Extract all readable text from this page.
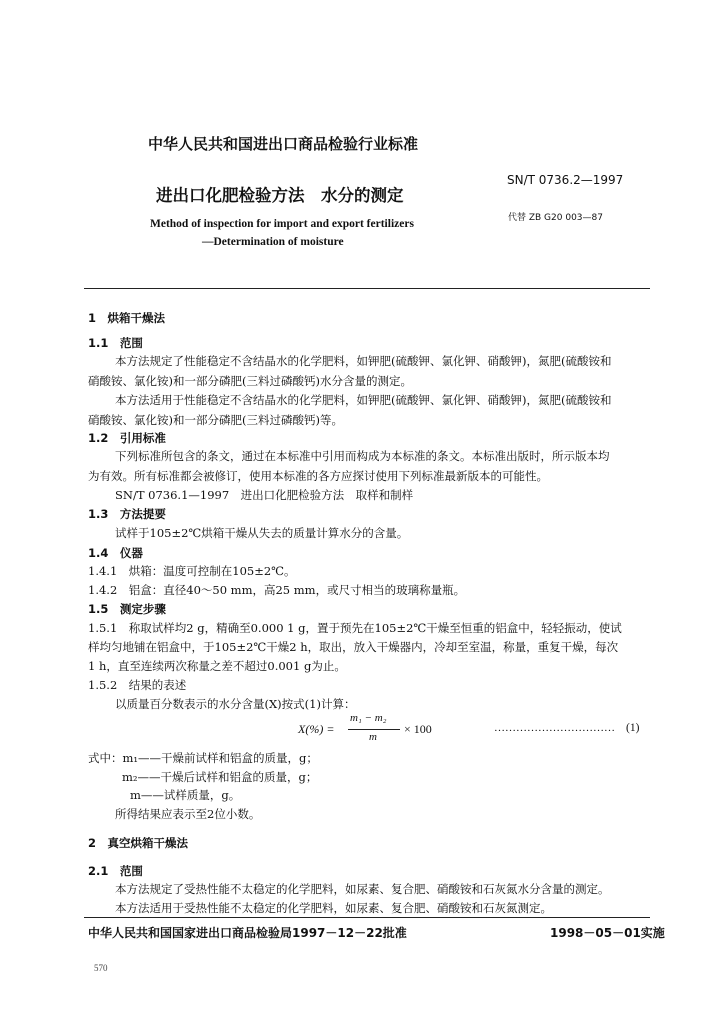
中华人民共和国进出口商品检验行业标准
SN/T 0736.2—1997
进出口化肥检验方法　水分的测定
代替 ZB G20 003—87
Method of inspection for import and export fertilizers
—Determination of moisture
1　烘箱干燥法
1.1　范围
本方法规定了性能稳定不含结晶水的化学肥料，如钾肥(硫酸钾、氯化钾、硝酸钾)，氮肥(硫酸铵和
硝酸铵、氯化铵)和一部分磷肥(三料过磷酸钙)水分含量的测定。
本方法适用于性能稳定不含结晶水的化学肥料，如钾肥(硫酸钾、氯化钾、硝酸钾)，氮肥(硫酸铵和
硝酸铵、氯化铵)和一部分磷肥(三料过磷酸钙)等。
1.2　引用标准
下列标准所包含的条文，通过在本标准中引用而构成为本标准的条文。本标准出版时，所示版本均
为有效。所有标准都会被修订，使用本标准的各方应探讨使用下列标准最新版本的可能性。
SN/T 0736.1—1997　进出口化肥检验方法　取样和制样
1.3　方法提要
试样于105±2℃烘箱干燥从失去的质量计算水分的含量。
1.4　仪器
1.4.1　烘箱：温度可控制在105±2℃。
1.4.2　铝盒：直径40～50 mm，高25 mm，或尺寸相当的玻璃称量瓶。
1.5　测定步骤
1.5.1　称取试样均2 g，精确至0.000 1 g，置于预先在105±2℃干燥至恒重的铝盒中，轻轻振动，使试
样均匀地铺在铝盒中，于105±2℃干燥2 h，取出，放入干燥器内，冷却至室温，称量，重复干燥，每次
1 h，直至连续两次称量之差不超过0.001 g为止。
1.5.2　结果的表述
以质量百分数表示的水分含量(X)按式(1)计算：
X(%) =
m₁ − m₂
m
× 100	…………………………… (1)
式中：m₁——干燥前试样和铝盒的质量，g；
m₂——干燥后试样和铝盒的质量，g；
m——试样质量，g。
所得结果应表示至2位小数。
2　真空烘箱干燥法
2.1　范围
本方法规定了受热性能不太稳定的化学肥料，如尿素、复合肥、硝酸铵和石灰氮水分含量的测定。
本方法适用于受热性能不太稳定的化学肥料，如尿素、复合肥、硝酸铵和石灰氮测定。
中华人民共和国国家进出口商品检验局1997－12－22批准	1998－05－01实施
570
